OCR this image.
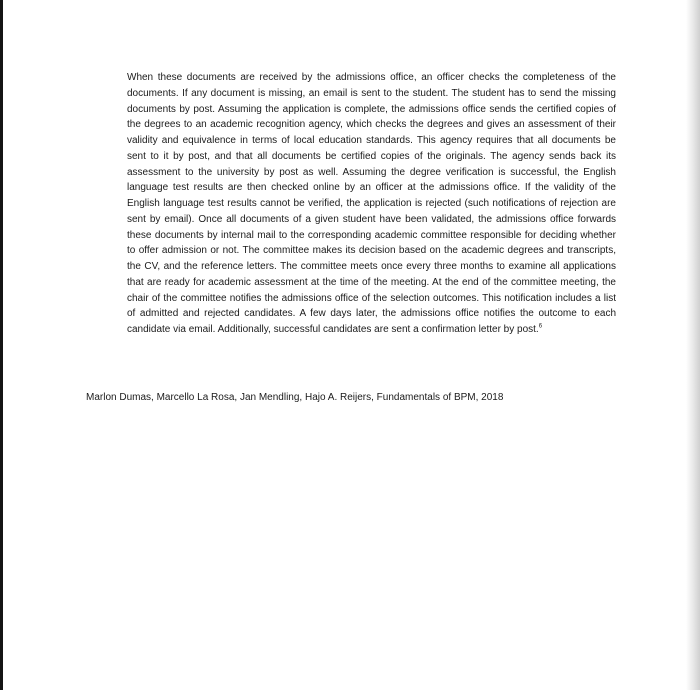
When these documents are received by the admissions office, an officer checks the completeness of the documents. If any document is missing, an email is sent to the student. The student has to send the missing documents by post. Assuming the application is complete, the admissions office sends the certified copies of the degrees to an academic recognition agency, which checks the degrees and gives an assessment of their validity and equivalence in terms of local education standards. This agency requires that all documents be sent to it by post, and that all documents be certified copies of the originals. The agency sends back its assessment to the university by post as well. Assuming the degree verification is successful, the English language test results are then checked online by an officer at the admissions office. If the validity of the English language test results cannot be verified, the application is rejected (such notifications of rejection are sent by email). Once all documents of a given student have been validated, the admissions office forwards these documents by internal mail to the corresponding academic committee responsible for deciding whether to offer admission or not. The committee makes its decision based on the academic degrees and transcripts, the CV, and the reference letters. The committee meets once every three months to examine all applications that are ready for academic assessment at the time of the meeting. At the end of the committee meeting, the chair of the committee notifies the admissions office of the selection outcomes. This notification includes a list of admitted and rejected candidates. A few days later, the admissions office notifies the outcome to each candidate via email. Additionally, successful candidates are sent a confirmation letter by post.$^6$

Marlon Dumas, Marcello La Rosa, Jan Mendling, Hajo A. Reijers, Fundamentals of BPM, 2018
